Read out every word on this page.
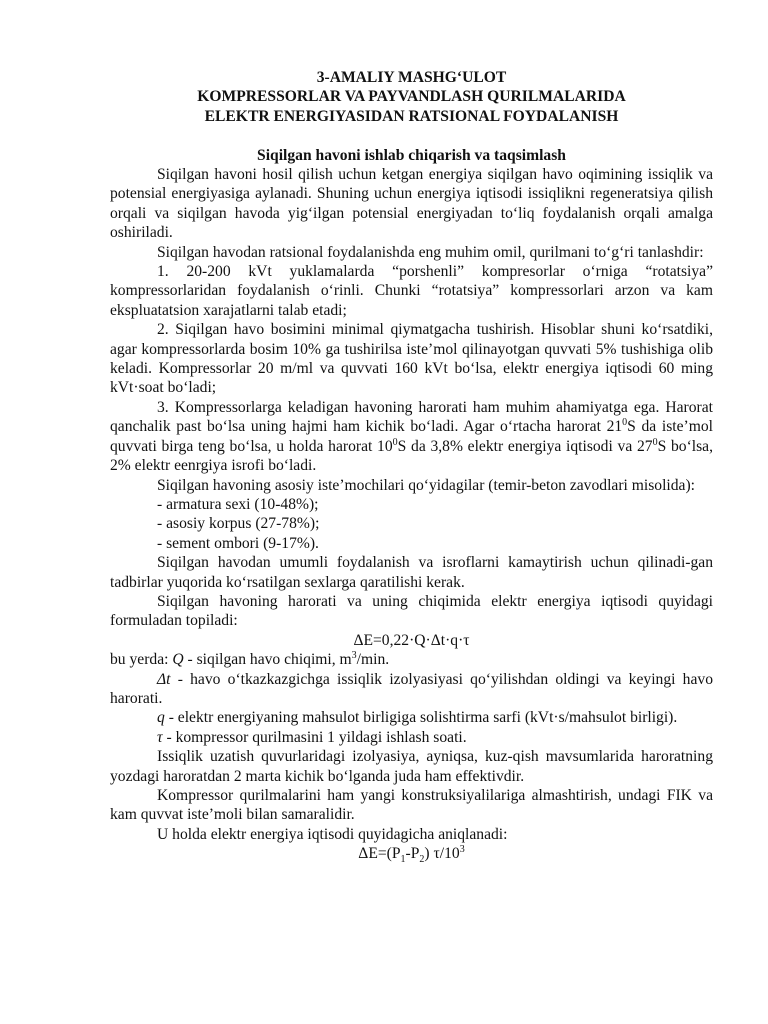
3-AMALIY MASHG‘ULOT
KOMPRESSORLAR VA PAYVANDLASH QURILMALARIDA
ELEKTR ENERGIYASIDAN RATSIONAL FOYDALANISH
Siqilgan havoni ishlab chiqarish va taqsimlash

Siqilgan havoni hosil qilish uchun ketgan energiya siqilgan havo oqimining issiqlik va potensial energiyasiga aylanadi. Shuning uchun energiya iqtisodi issiqlikni regeneratsiya qilish orqali va siqilgan havoda yig‘ilgan potensial energiyadan to‘liq foydalanish orqali amalga oshiriladi.

Siqilgan havodan ratsional foydalanishda eng muhim omil, qurilmani to‘g‘ri tanlashdir:

1. 20-200 kVt yuklamalarda “porshenli” kompresorlar o‘rniga “rotatsiya” kompressorlaridan foydalanish o‘rinli. Chunki “rotatsiya” kompressorlari arzon va kam ekspluatatsion xarajatlarni talab etadi;

2. Siqilgan havo bosimini minimal qiymatgacha tushirish. Hisoblar shuni ko‘rsatdiki, agar kompressorlarda bosim 10% ga tushirilsa iste’mol qilinayotgan quvvati 5% tushishiga olib keladi. Kompressorlar 20 m/ml va quvvati 160 kVt bo‘lsa, elektr energiya iqtisodi 60 ming kVt·soat bo‘ladi;

3. Kompressorlarga keladigan havoning harorati ham muhim ahamiyatga ega. Harorat qanchalik past bo‘lsa uning hajmi ham kichik bo‘ladi. Agar o‘rtacha harorat $21^0S$ da iste’mol quvvati birga teng bo‘lsa, u holda harorat $10^0S$ da 3,8% elektr energiya iqtisodi va $27^0S$ bo‘lsa, 2% elektr eenrgiya isrofi bo‘ladi.

Siqilgan havoning asosiy iste’mochilari qo‘yidagilar (temir-beton zavodlari misolida):

- armatura sexi (10-48%);
- asosiy korpus (27-78%);
- sement ombori (9-17%).

Siqilgan havodan umumli foydalanish va isroflarni kamaytirish uchun qilinadi-gan tadbirlar yuqorida ko‘rsatilgan sexlarga qaratilishi kerak.

Siqilgan havoning harorati va uning chiqimida elektr energiya iqtisodi quyidagi formuladan topiladi:

ΔE=0,22·Q·Δt·q·τ

bu yerda: Q - siqilgan havo chiqimi, $m^3/\min$.

Δt - havo o‘tkazkazgichga issiqlik izolyasiyasi qo‘yilishdan oldingi va keyingi havo harorati.

q - elektr energiyaning mahsulot birligiga solishtirma sarfi (kVt·s/mahsulot birligi).

τ - kompressor qurilmasini 1 yildagi ishlash soati.

Issiqlik uzatish quvurlaridagi izolyasiya, ayniqsa, kuz-qish mavsumlarida haroratning yozdagi haroratdan 2 marta kichik bo‘lganda juda ham effektivdir.

Kompressor qurilmalarini ham yangi konstruksiyalilariga almashtirish, undagi FIK va kam quvvat iste’moli bilan samaralidir.

U holda elektr energiya iqtisodi quyidagicha aniqlanadi:

$\Delta E=(P_1-P_2)$ $\tau/10^3$
